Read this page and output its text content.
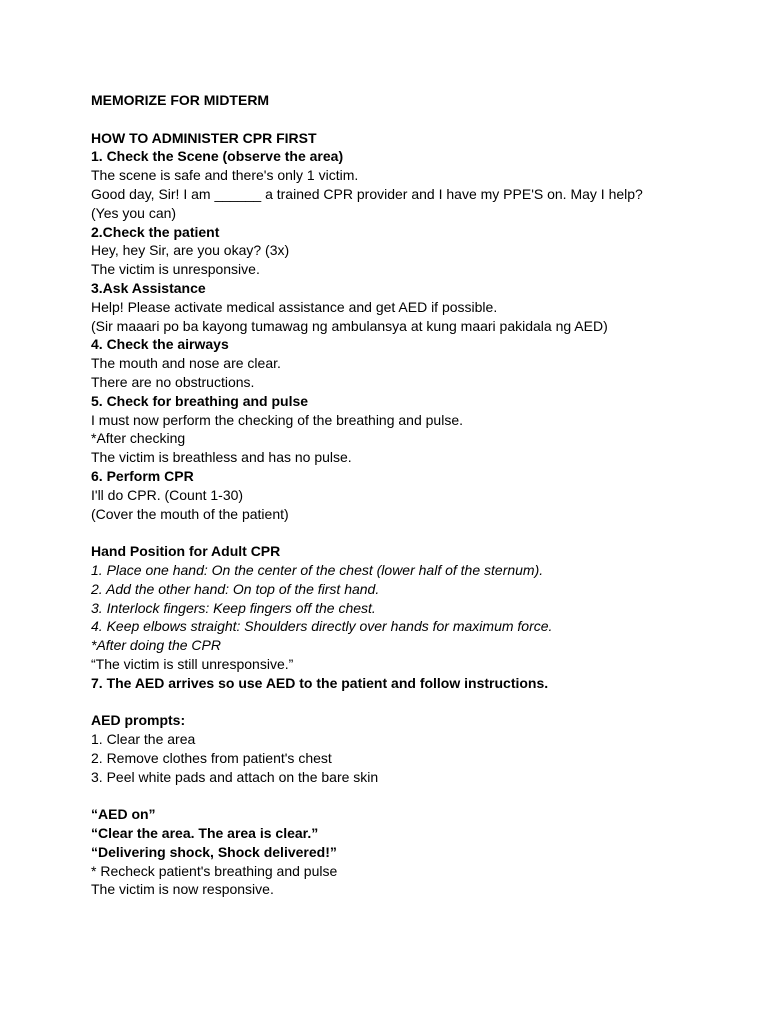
MEMORIZE FOR MIDTERM
HOW TO ADMINISTER CPR FIRST
1. Check the Scene (observe the area)
The scene is safe and there's only 1 victim.
Good day, Sir! I am ______ a trained CPR provider and I have my PPE'S on. May I help?
(Yes you can)
2.Check the patient
Hey, hey Sir, are you okay? (3x)
The victim is unresponsive.
3.Ask Assistance
Help! Please activate medical assistance and get AED if possible.
(Sir maaari po ba kayong tumawag ng ambulansya at kung maari pakidala ng AED)
4. Check the airways
The mouth and nose are clear.
There are no obstructions.
5. Check for breathing and pulse
I must now perform the checking of the breathing and pulse.
*After checking
The victim is breathless and has no pulse.
6. Perform CPR
I'll do CPR. (Count 1-30)
(Cover the mouth of the patient)
Hand Position for Adult CPR
1. Place one hand: On the center of the chest (lower half of the sternum).
2. Add the other hand: On top of the first hand.
3. Interlock fingers: Keep fingers off the chest.
4. Keep elbows straight: Shoulders directly over hands for maximum force.
*After doing the CPR
“The victim is still unresponsive.”
7. The AED arrives so use AED to the patient and follow instructions.
AED prompts:
1. Clear the area
2. Remove clothes from patient's chest
3. Peel white pads and attach on the bare skin
“AED on”
“Clear the area. The area is clear.”
“Delivering shock, Shock delivered!”
* Recheck patient's breathing and pulse
The victim is now responsive.
